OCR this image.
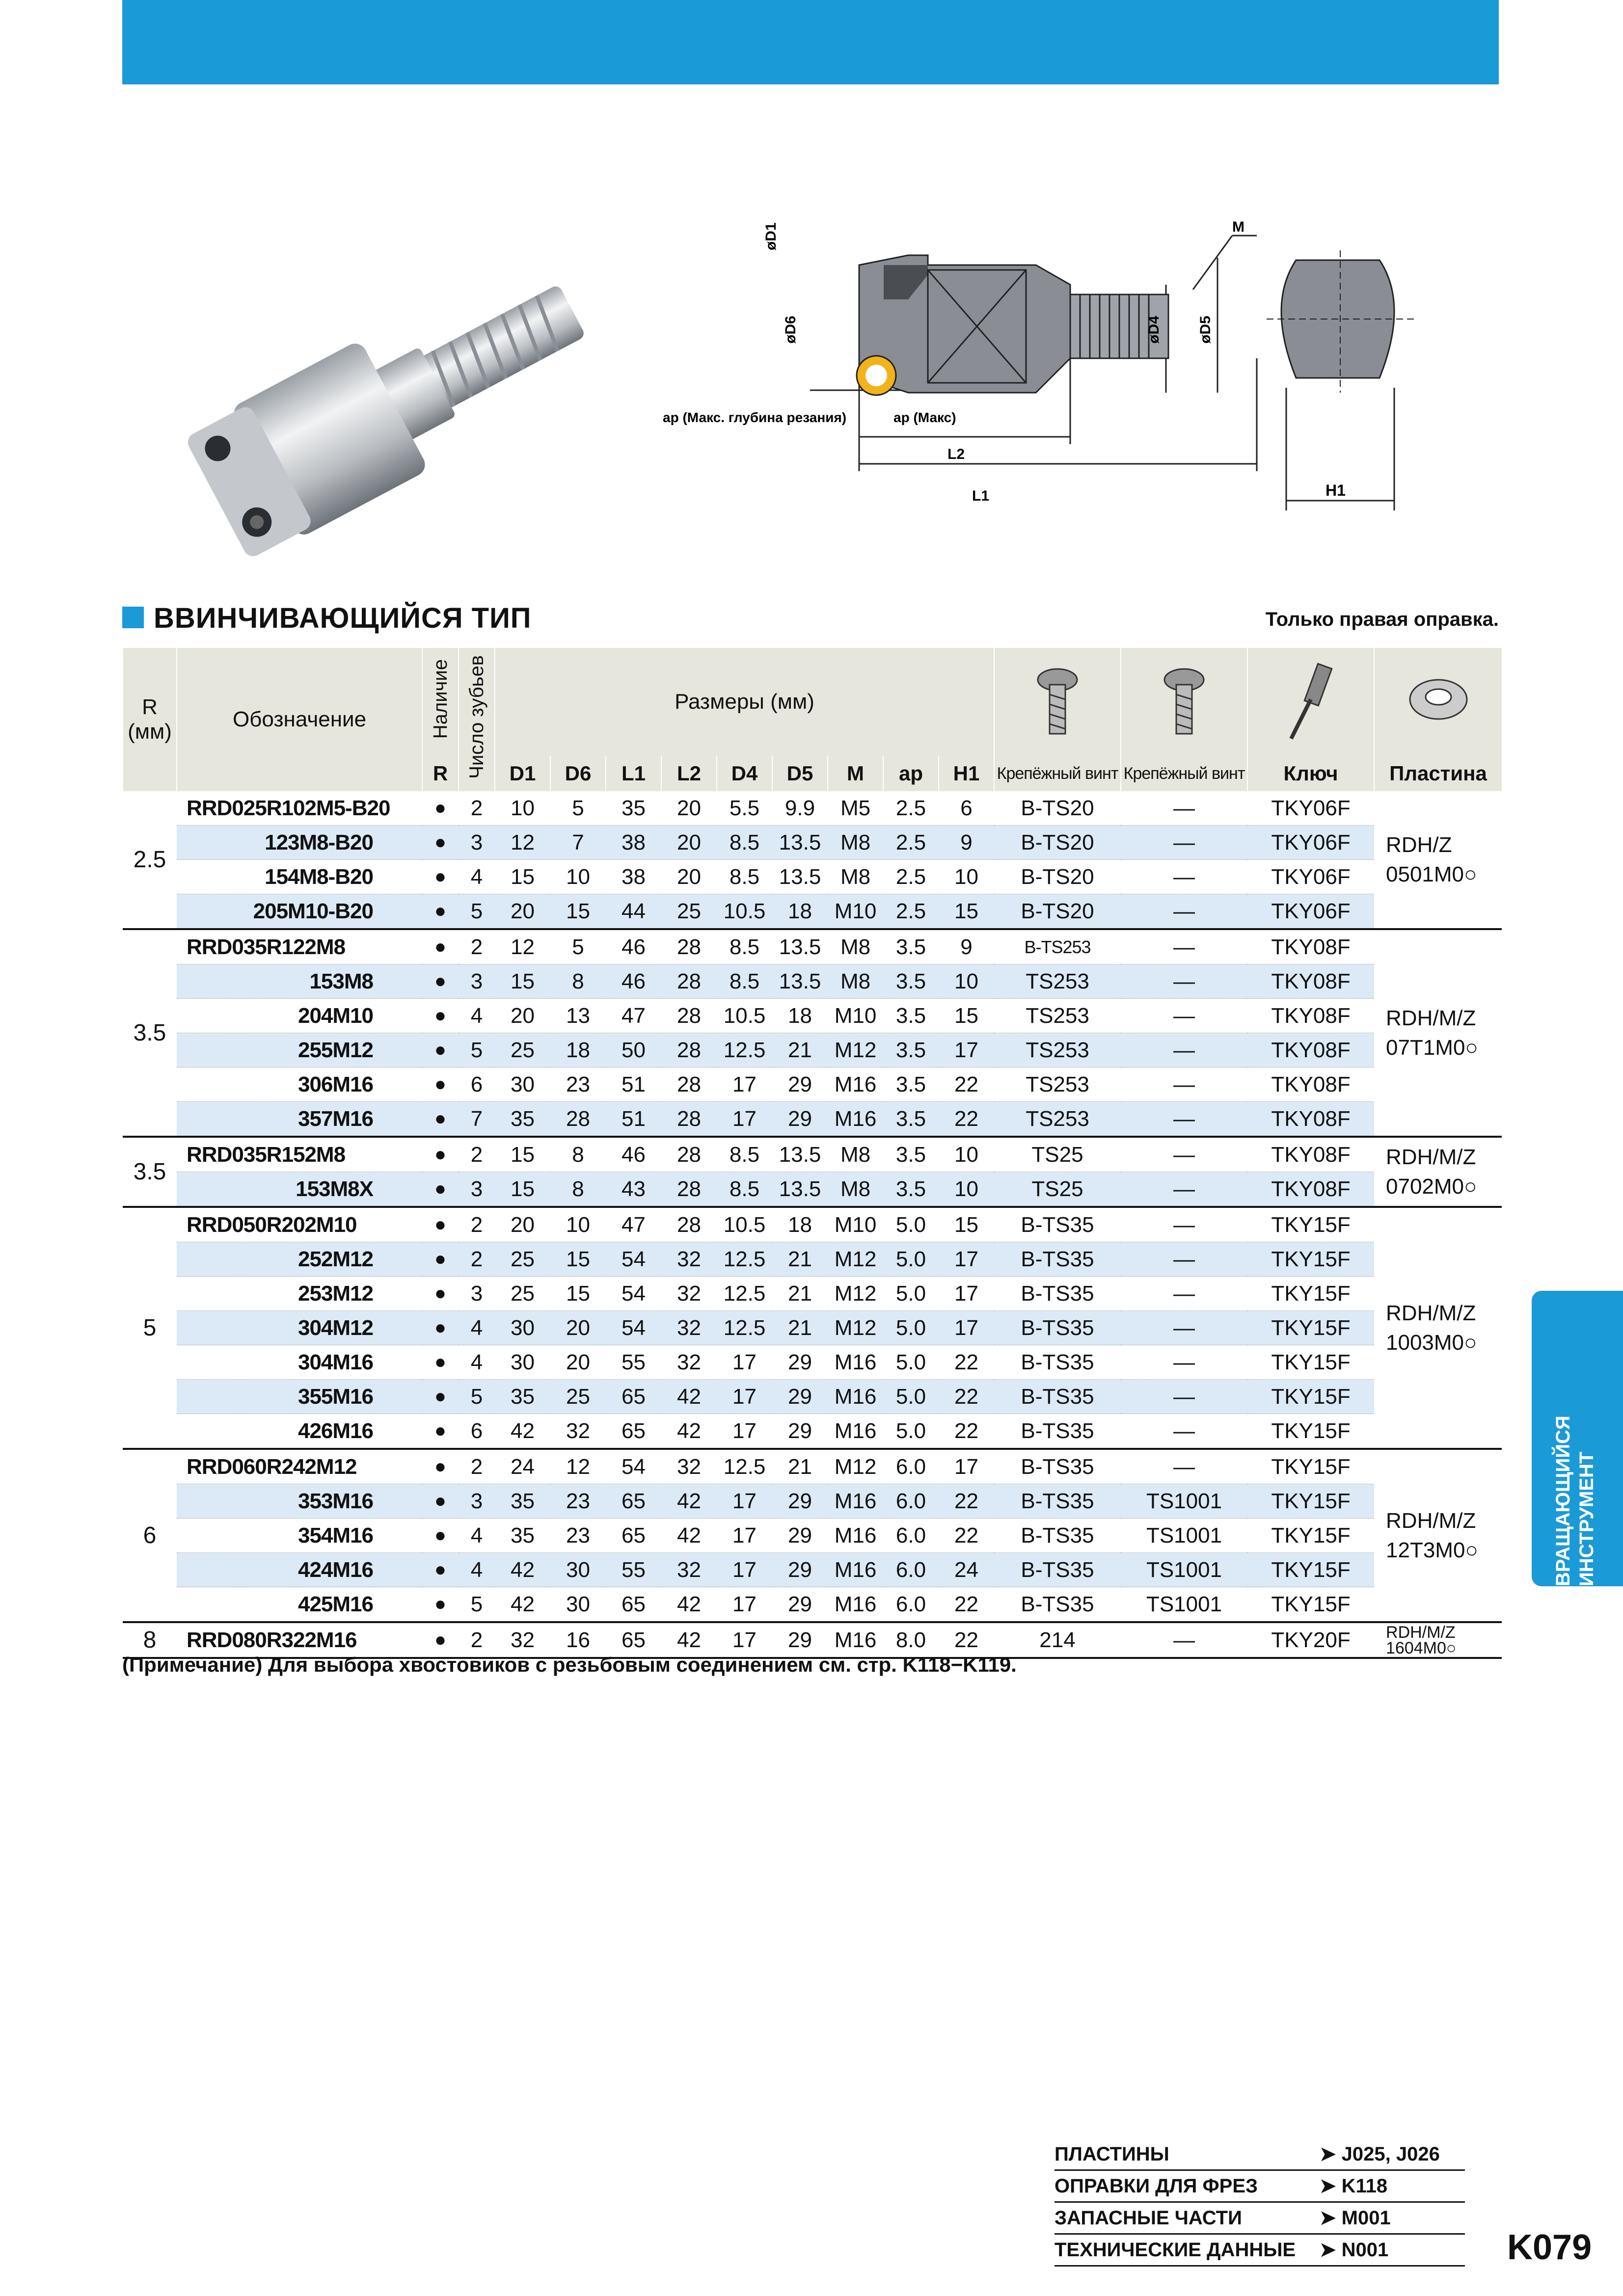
M
øD1
øD6	øD4 øD5
ap (Макс. глубина резания)	ap (Макс)
L2
L1	H1
ВВИНЧИВАЮЩИЙСЯ ТИП	Только правая оправка.
R
(мм)	Обозначение	Наличие	Число зубьев	Размеры (мм)	

		R		D1	D6	L1	L2	D4	D5	M	ap	H1	Крепёжный винт	Крепёжный винт	Ключ	Пластина
2.5	RRD025R102M5-B20	●	2	10	5	35	20	5.5	9.9	M5	2.5	6	B-TS20	—	TKY06F	RDH/Z
0501M0○
	123M8-B20	●	3	12	7	38	20	8.5	13.5	M8	2.5	9	B-TS20	—	TKY06F	
	154M8-B20	●	4	15	10	38	20	8.5	13.5	M8	2.5	10	B-TS20	—	TKY06F	
	205M10-B20	●	5	20	15	44	25	10.5	18	M10	2.5	15	B-TS20	—	TKY06F	
3.5	RRD035R122M8	●	2	12	5	46	28	8.5	13.5	M8	3.5	9	B-TS253	—	TKY08F	RDH/M/Z
07T1M0○
	153M8	●	3	15	8	46	28	8.5	13.5	M8	3.5	10	TS253	—	TKY08F	
	204M10	●	4	20	13	47	28	10.5	18	M10	3.5	15	TS253	—	TKY08F	
	255M12	●	5	25	18	50	28	12.5	21	M12	3.5	17	TS253	—	TKY08F	
	306M16	●	6	30	23	51	28	17	29	M16	3.5	22	TS253	—	TKY08F	
	357M16	●	7	35	28	51	28	17	29	M16	3.5	22	TS253	—	TKY08F	
3.5	RRD035R152M8	●	2	15	8	46	28	8.5	13.5	M8	3.5	10	TS25	—	TKY08F	RDH/M/Z
0702M0○
	153M8X	●	3	15	8	43	28	8.5	13.5	M8	3.5	10	TS25	—	TKY08F	
5	RRD050R202M10	●	2	20	10	47	28	10.5	18	M10	5.0	15	B-TS35	—	TKY15F	RDH/M/Z
1003M0○
	252M12	●	2	25	15	54	32	12.5	21	M12	5.0	17	B-TS35	—	TKY15F	
	253M12	●	3	25	15	54	32	12.5	21	M12	5.0	17	B-TS35	—	TKY15F	
	304M12	●	4	30	20	54	32	12.5	21	M12	5.0	17	B-TS35	—	TKY15F	
	304M16	●	4	30	20	55	32	17	29	M16	5.0	22	B-TS35	—	TKY15F	
	355M16	●	5	35	25	65	42	17	29	M16	5.0	22	B-TS35	—	TKY15F	
	426M16	●	6	42	32	65	42	17	29	M16	5.0	22	B-TS35	—	TKY15F	
6	RRD060R242M12	●	2	24	12	54	32	12.5	21	M12	6.0	17	B-TS35	—	TKY15F	RDH/M/Z
12T3M0○
	353M16	●	3	35	23	65	42	17	29	M16	6.0	22	B-TS35	TS1001	TKY15F	
	354M16	●	4	35	23	65	42	17	29	M16	6.0	22	B-TS35	TS1001	TKY15F	
	424M16	●	4	42	30	55	32	17	29	M16	6.0	24	B-TS35	TS1001	TKY15F	
	425M16	●	5	42	30	65	42	17	29	M16	6.0	22	B-TS35	TS1001	TKY15F	
8	RRD080R322M16	●	2	32	16	65	42	17	29	M16	8.0	22	214	—	TKY20F	RDH/M/Z
1604M0○
(Примечание) Для выбора хвостовиков с резьбовым соединением см. стр. K118−K119.
ВРАЩАЮЩИЙСЯ ИНСТРУМЕНТ
ПЛАСТИНЫ	➤ J025, J026
ОПРАВКИ ДЛЯ ФРЕЗ	➤ K118
ЗАПАСНЫЕ ЧАСТИ	➤ M001
ТЕХНИЧЕСКИЕ ДАННЫЕ	➤ N001	K079
